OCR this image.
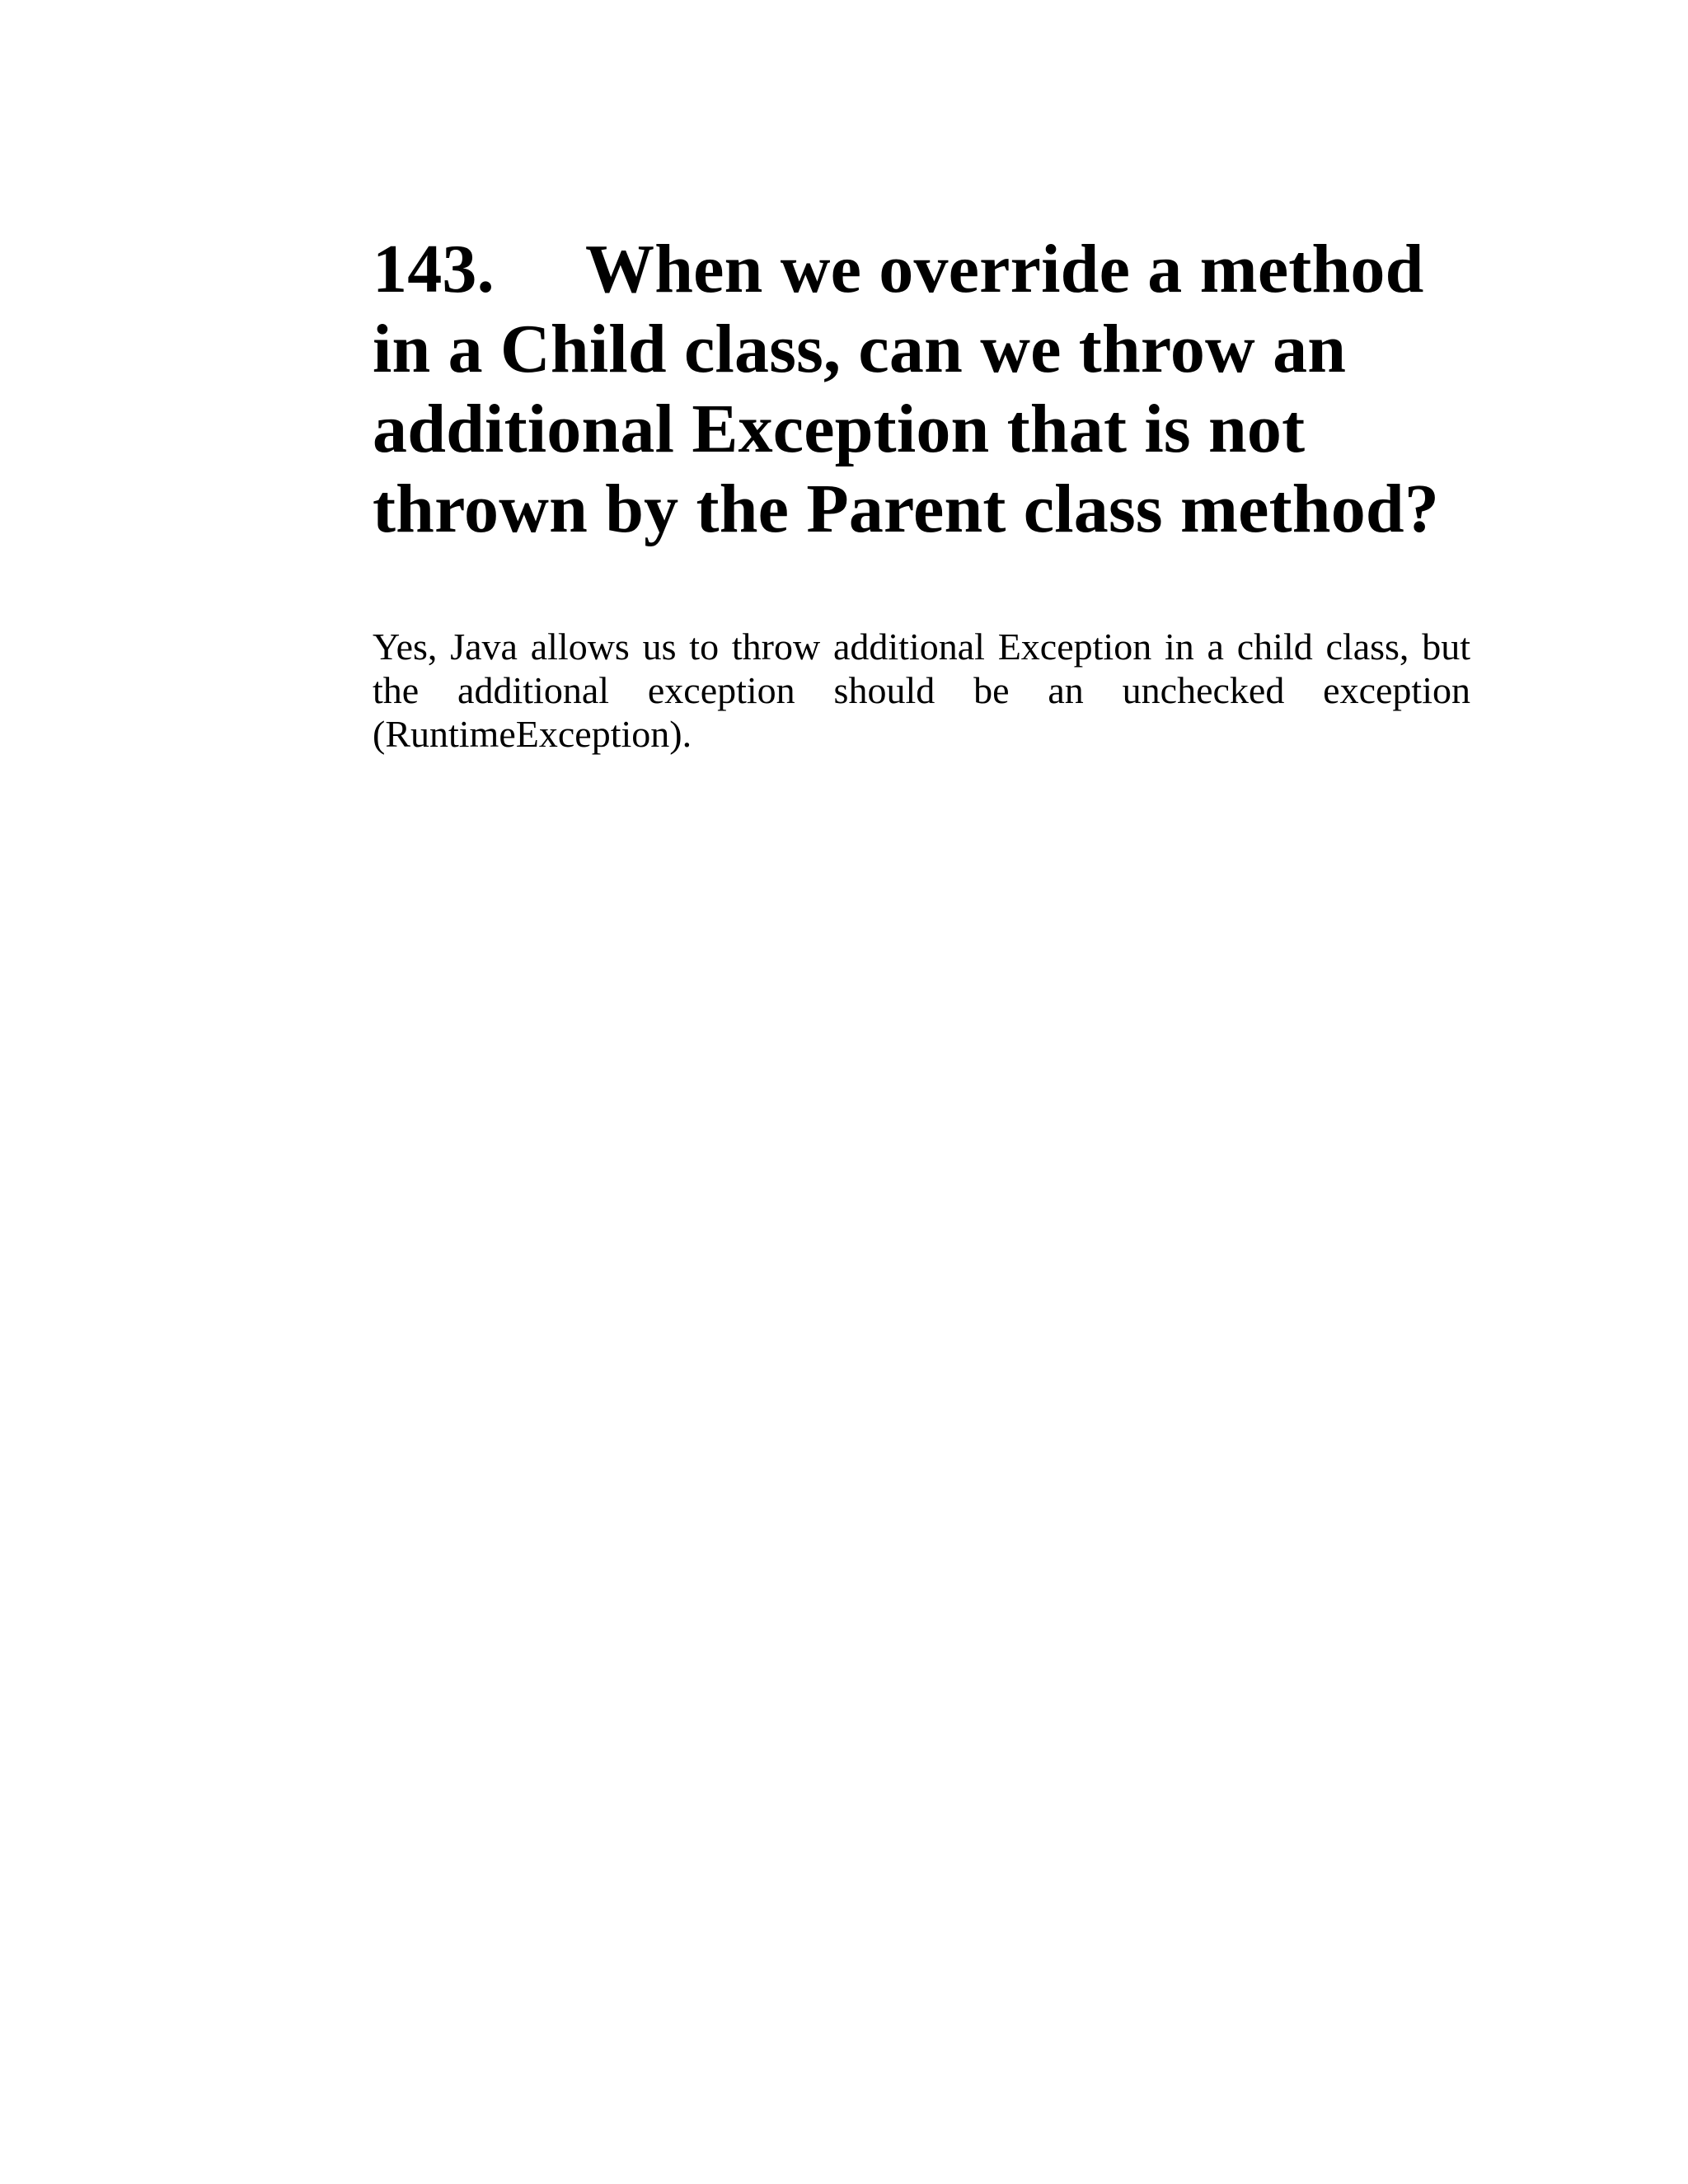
143. When we override a method in a Child class, can we throw an additional Exception that is not thrown by the Parent class method?

Yes, Java allows us to throw additional Exception in a child class, but the additional exception should be an unchecked exception (RuntimeException).
